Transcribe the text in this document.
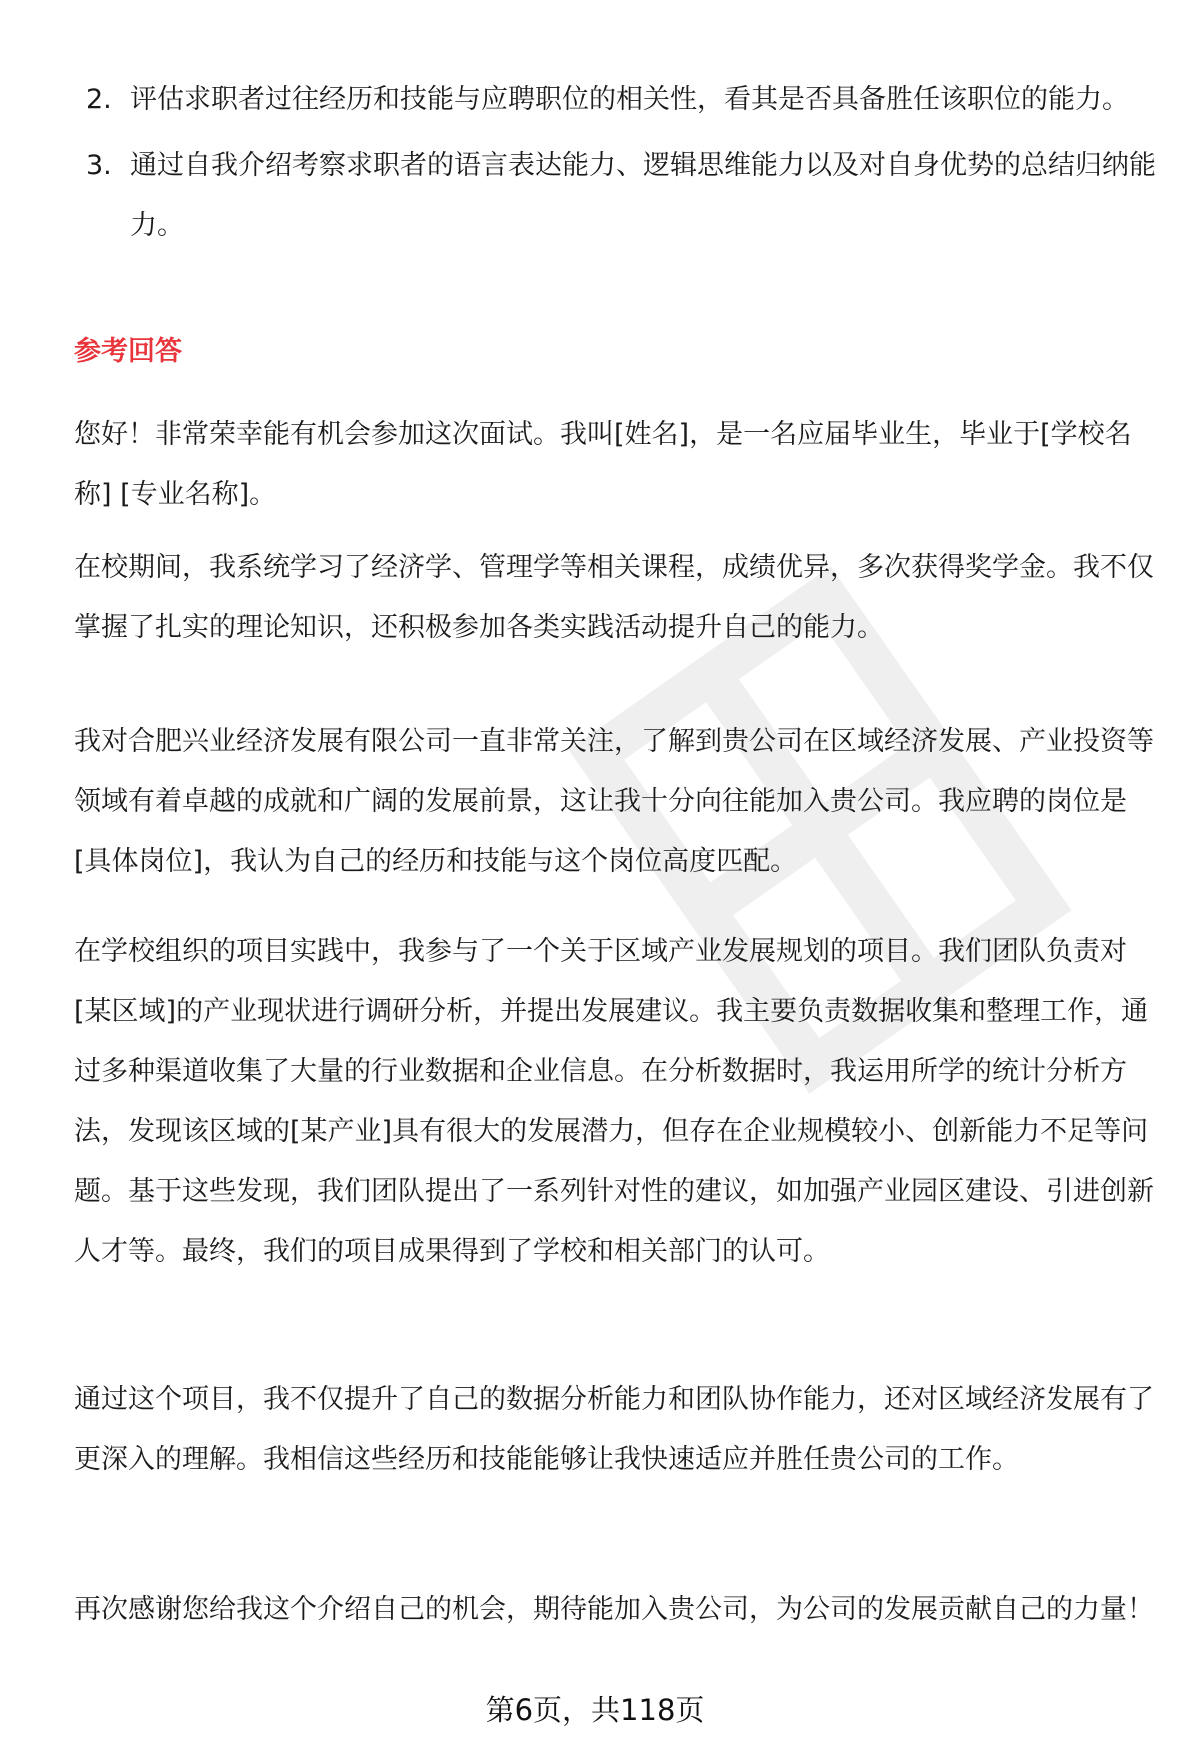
2. 评估求职者过往经历和技能与应聘职位的相关性，看其是否具备胜任该职位的能力。
3. 通过自我介绍考察求职者的语言表达能力、逻辑思维能力以及对自身优势的总结归纳能力。
参考回答

您好！非常荣幸能有机会参加这次面试。我叫[姓名]，是一名应届毕业生，毕业于[学校名称] [专业名称]。

在校期间，我系统学习了经济学、管理学等相关课程，成绩优异，多次获得奖学金。我不仅掌握了扎实的理论知识，还积极参加各类实践活动提升自己的能力。

我对合肥兴业经济发展有限公司一直非常关注，了解到贵公司在区域经济发展、产业投资等领域有着卓越的成就和广阔的发展前景，这让我十分向往能加入贵公司。我应聘的岗位是[具体岗位]，我认为自己的经历和技能与这个岗位高度匹配。

在学校组织的项目实践中，我参与了一个关于区域产业发展规划的项目。我们团队负责对[某区域]的产业现状进行调研分析，并提出发展建议。我主要负责数据收集和整理工作，通过多种渠道收集了大量的行业数据和企业信息。在分析数据时，我运用所学的统计分析方法，发现该区域的[某产业]具有很大的发展潜力，但存在企业规模较小、创新能力不足等问题。基于这些发现，我们团队提出了一系列针对性的建议，如加强产业园区建设、引进创新人才等。最终，我们的项目成果得到了学校和相关部门的认可。

通过这个项目，我不仅提升了自己的数据分析能力和团队协作能力，还对区域经济发展有了更深入的理解。我相信这些经历和技能能够让我快速适应并胜任贵公司的工作。

再次感谢您给我这个介绍自己的机会，期待能加入贵公司，为公司的发展贡献自己的力量！

第6页，共118页
